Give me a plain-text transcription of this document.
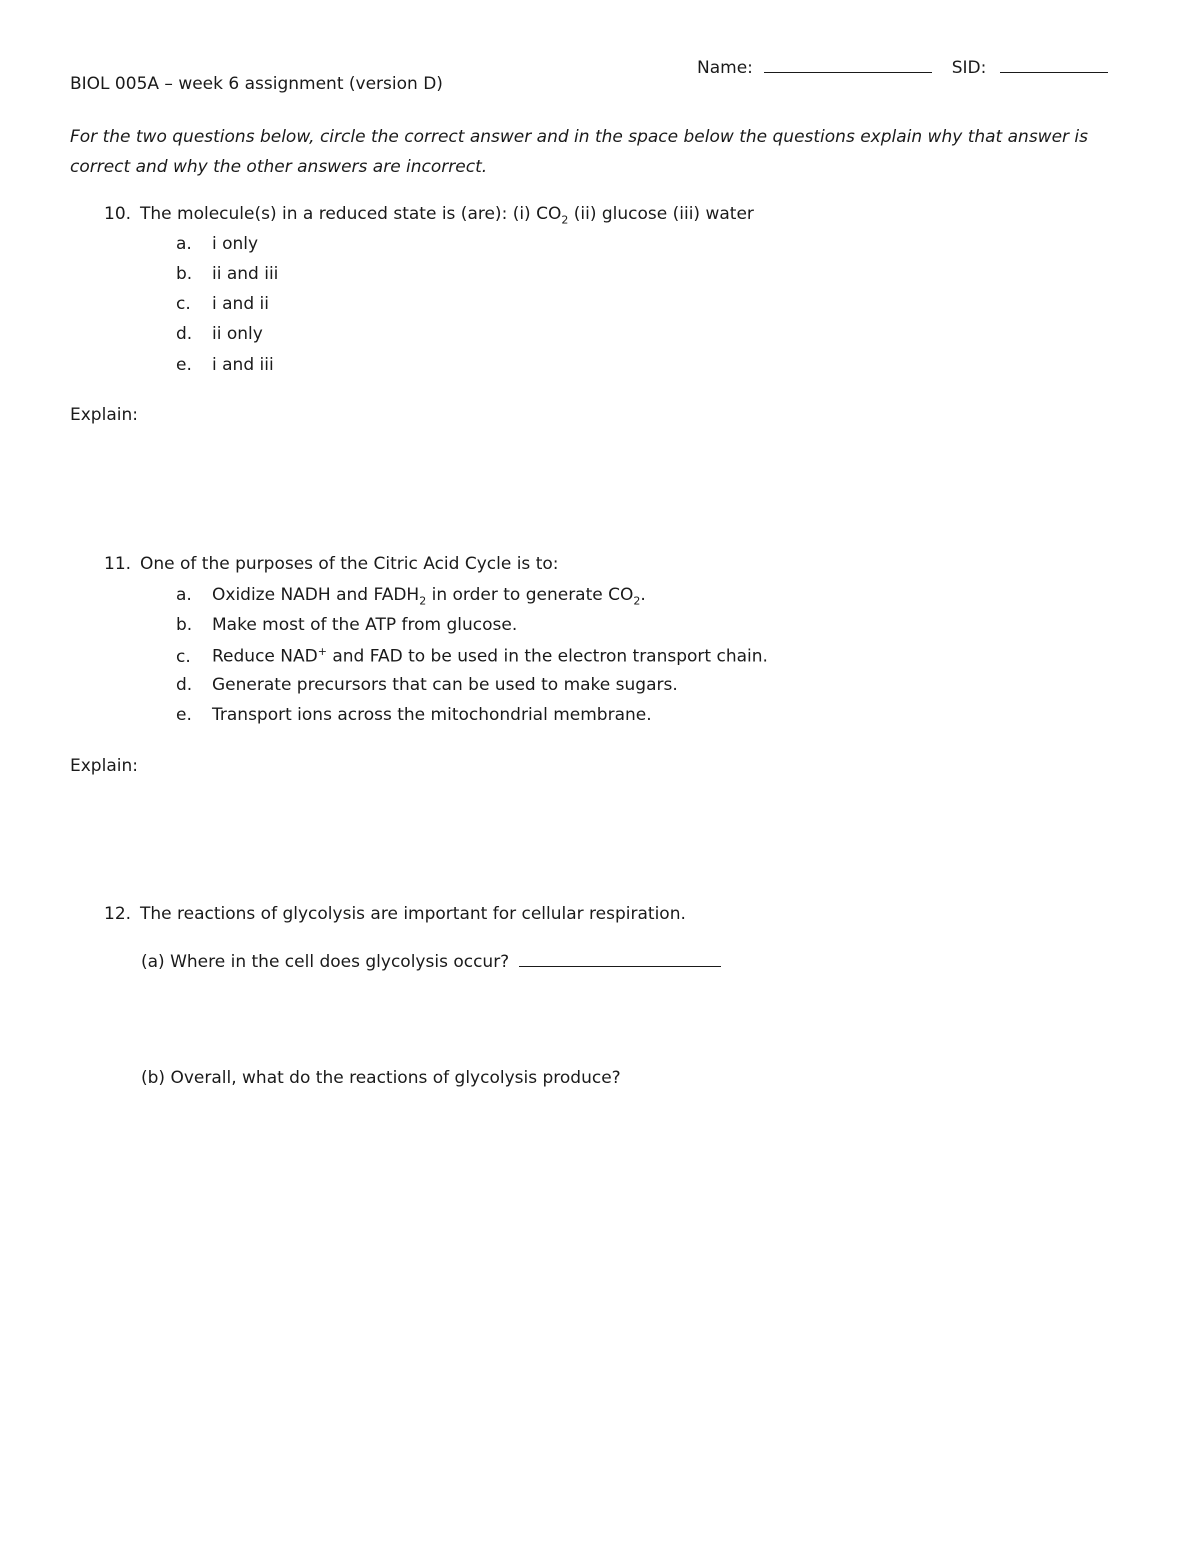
Name:	SID:
BIOL 005A – week 6 assignment (version D)
For the two questions below, circle the correct answer and in the space below the questions explain why that answer is correct and why the other answers are incorrect.
10. The molecule(s) in a reduced state is (are): (i) $CO_2$ (ii) glucose (iii) water
a. i only
b. ii and iii
c. i and ii
d. ii only
e. i and iii
Explain:
11. One of the purposes of the Citric Acid Cycle is to:
a. Oxidize NADH and $FADH_2$ in order to generate $CO_2$.
b. Make most of the ATP from glucose.
c. Reduce NAD+ and FAD to be used in the electron transport chain.
d. Generate precursors that can be used to make sugars.
e. Transport ions across the mitochondrial membrane.
Explain:
12. The reactions of glycolysis are important for cellular respiration.
(a) Where in the cell does glycolysis occur?
(b) Overall, what do the reactions of glycolysis produce?
